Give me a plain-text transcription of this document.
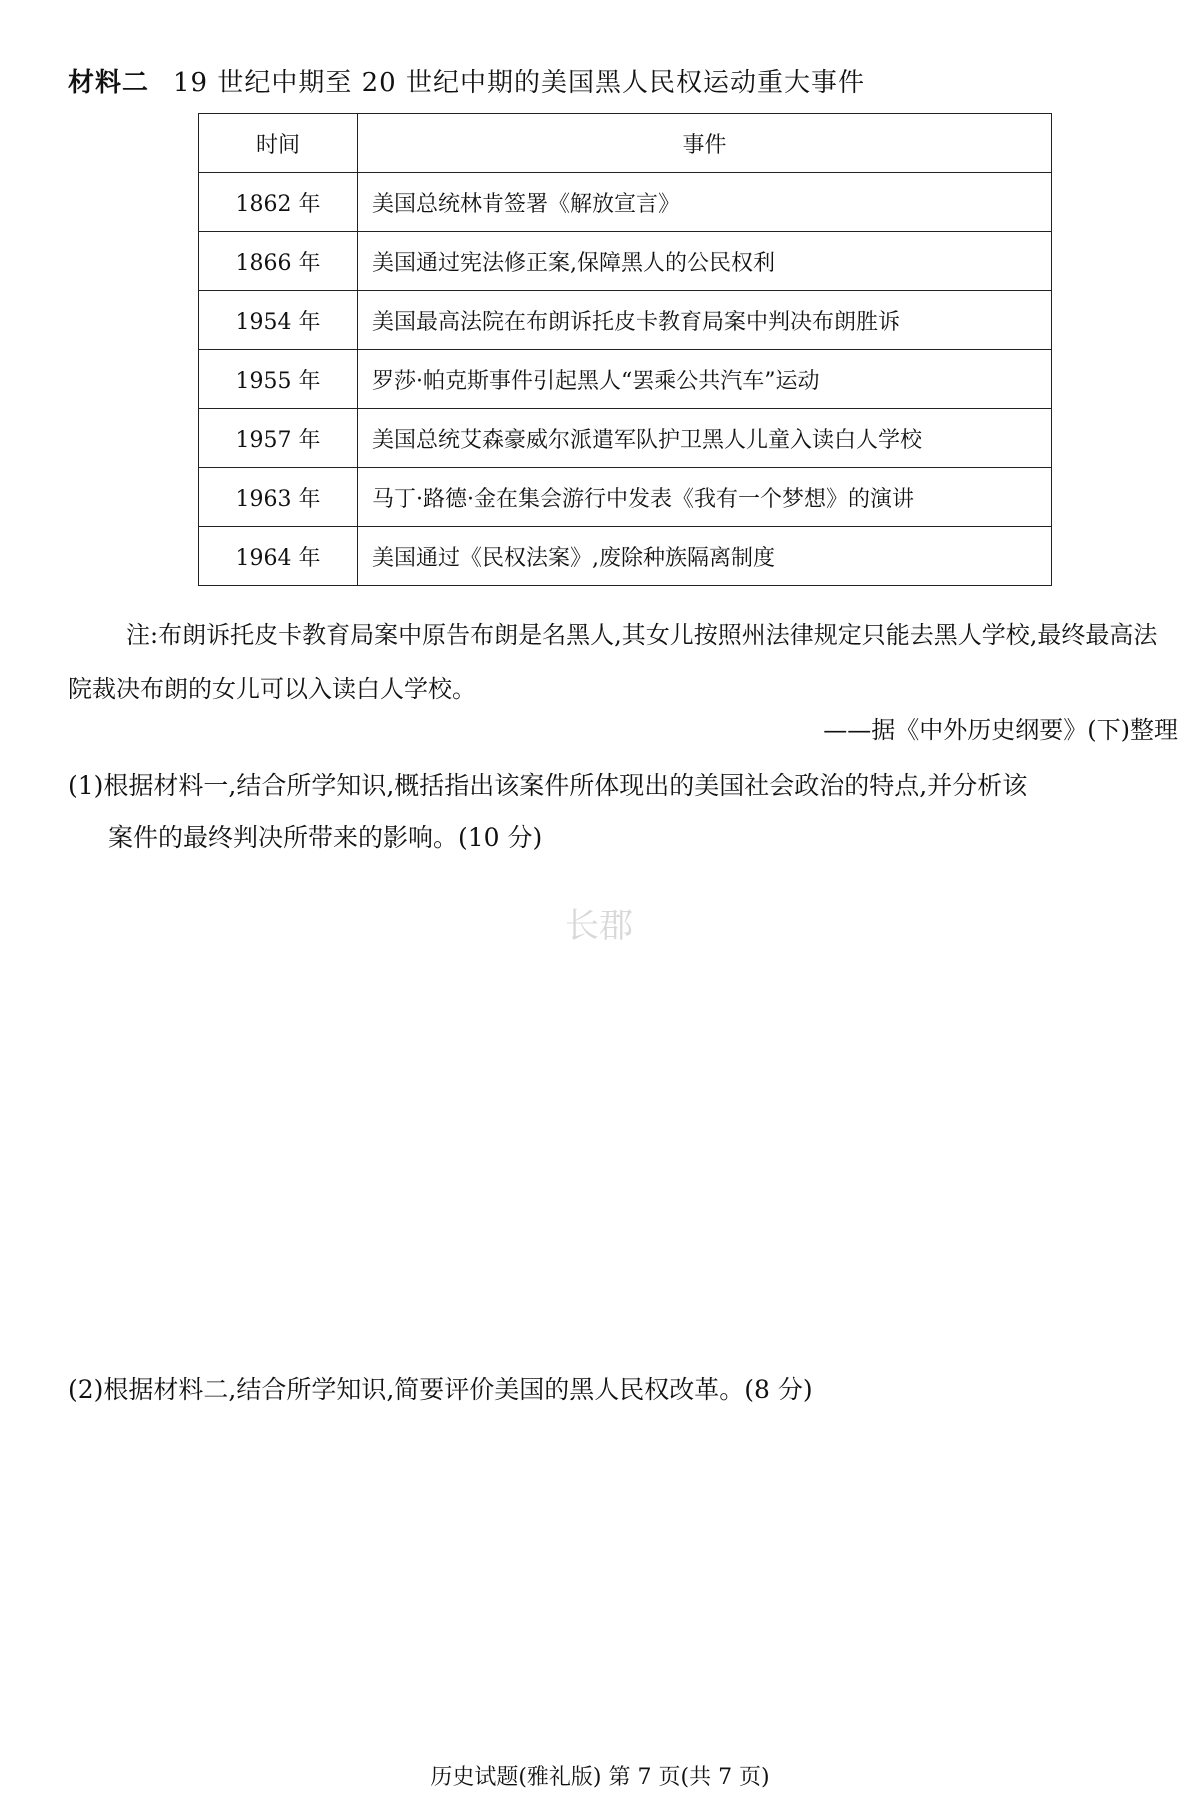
材料二 19 世纪中期至 20 世纪中期的美国黑人民权运动重大事件
时间	事件
1862 年	美国总统林肯签署《解放宣言》
1866 年	美国通过宪法修正案,保障黑人的公民权利
1954 年	美国最高法院在布朗诉托皮卡教育局案中判决布朗胜诉
1955 年	罗莎·帕克斯事件引起黑人“罢乘公共汽车”运动
1957 年	美国总统艾森豪威尔派遣军队护卫黑人儿童入读白人学校
1963 年	马丁·路德·金在集会游行中发表《我有一个梦想》的演讲
1964 年	美国通过《民权法案》,废除种族隔离制度
注:布朗诉托皮卡教育局案中原告布朗是名黑人,其女儿按照州法律规定只能去黑人学校,最终最高法院裁决布朗的女儿可以入读白人学校。
——据《中外历史纲要》(下)整理
(1)根据材料一,结合所学知识,概括指出该案件所体现出的美国社会政治的特点,并分析该
案件的最终判决所带来的影响。(10 分)
长郡
(2)根据材料二,结合所学知识,简要评价美国的黑人民权改革。(8 分)
历史试题(雅礼版) 第 7 页(共 7 页)
